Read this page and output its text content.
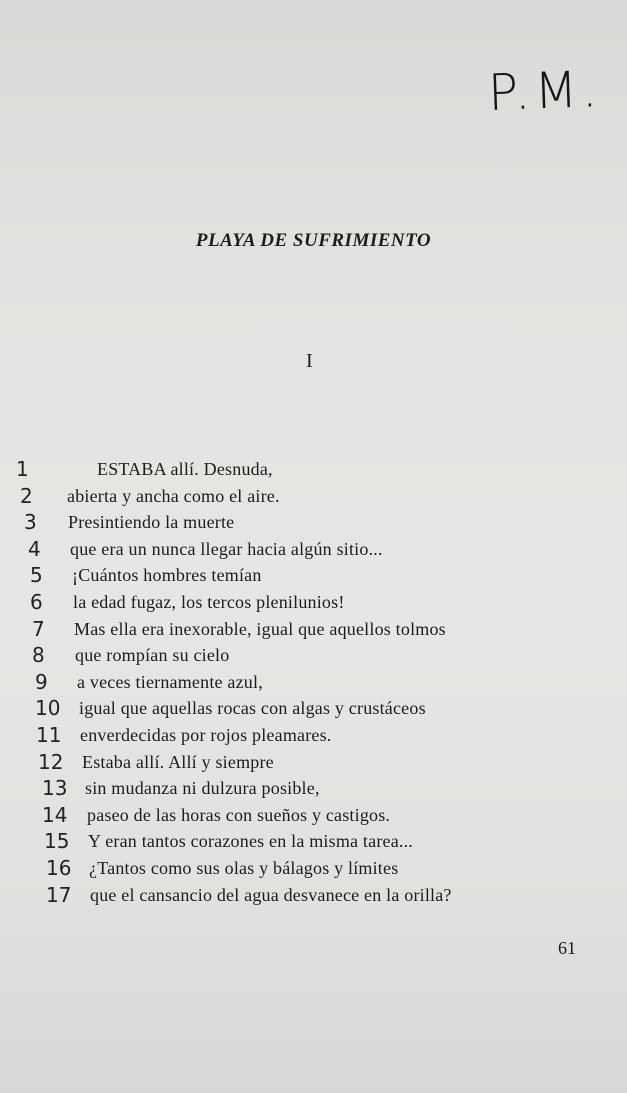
P.M.
PLAYA DE SUFRIMIENTO
I
1	ESTABA allí. Desnuda,
2 abierta y ancha como el aire.
3 Presintiendo la muerte
4 que era un nunca llegar hacia algún sitio...
5 ¡Cuántos hombres temían
6 la edad fugaz, los tercos plenilunios!
7 Mas ella era inexorable, igual que aquellos tolmos
8 que rompían su cielo
9 a veces tiernamente azul,
10 igual que aquellas rocas con algas y crustáceos
11 enverdecidas por rojos pleamares.
12 Estaba allí. Allí y siempre
13 sin mudanza ni dulzura posible,
14 paseo de las horas con sueños y castigos.
15 Y eran tantos corazones en la misma tarea...
16 ¿Tantos como sus olas y bálagos y límites
17 que el cansancio del agua desvanece en la orilla?
61
